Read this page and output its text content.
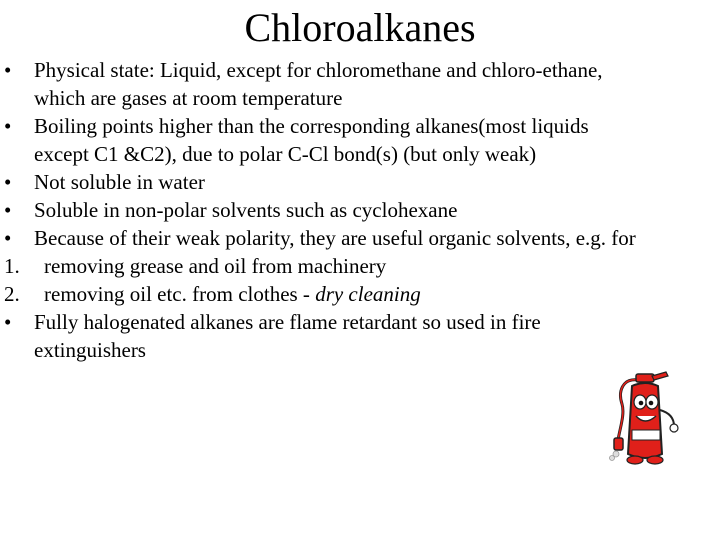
Chloroalkanes
•	Physical state: Liquid, except for chloromethane and chloro-ethane, which are gases at room temperature
•	Boiling points higher than the corresponding alkanes(most liquids except C1 &C2), due to polar C-Cl bond(s) (but only weak)
•	Not soluble in water
•	Soluble in non-polar solvents such as cyclohexane
•	Because of their weak polarity, they are useful organic solvents, e.g. for
1.	removing grease and oil from machinery
2.	removing oil etc. from clothes - dry cleaning
•	Fully halogenated alkanes are flame retardant so used in fire extinguishers
